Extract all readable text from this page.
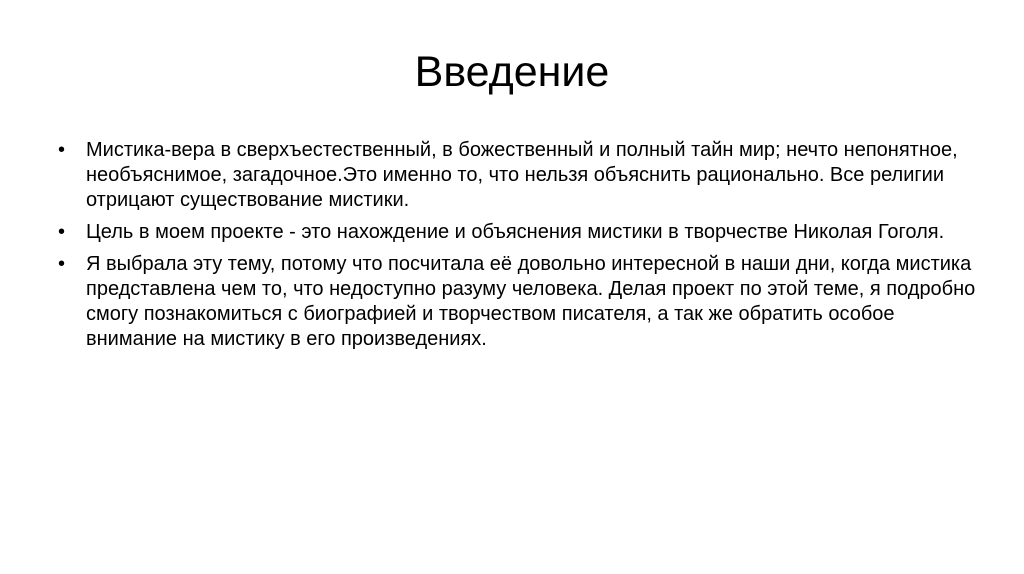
Введение
•	Мистика-вера в сверхъестественный, в божественный и полный тайн мир; нечто непонятное, необъяснимое, загадочное.Это именно то, что нельзя объяснить рационально. Все религии отрицают существование мистики.
•	Цель в моем проекте - это нахождение и объяснения мистики в творчестве Николая Гоголя.
•	Я выбрала эту тему, потому что посчитала её довольно интересной в наши дни, когда мистика представлена чем то, что недоступно разуму человека. Делая проект по этой теме, я подробно смогу познакомиться с биографией и творчеством писателя, а так же обратить особое внимание на мистику в его произведениях.
